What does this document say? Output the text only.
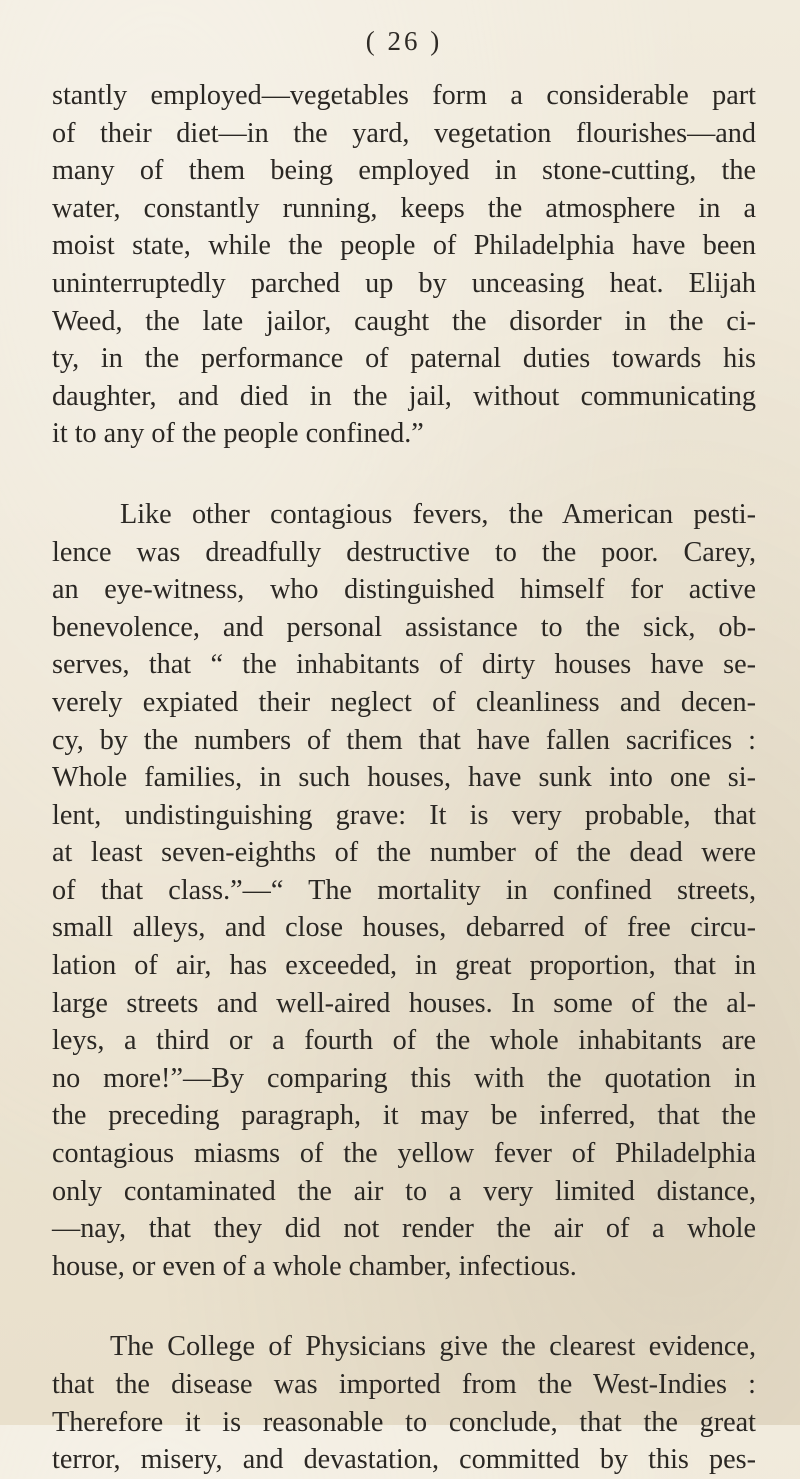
( 26 )
stantly employed—vegetables form a considerable part
of their diet—in the yard, vegetation flourishes—and
many of them being employed in stone-cutting, the
water, constantly running, keeps the atmosphere in a
moist state, while the people of Philadelphia have been
uninterruptedly parched up by unceasing heat. Elijah
Weed, the late jailor, caught the disorder in the ci-
ty, in the performance of paternal duties towards his
daughter, and died in the jail, without communicating
it to any of the people confined.”
Like other contagious fevers, the American pesti-
lence was dreadfully destructive to the poor. Carey,
an eye-witness, who distinguished himself for active
benevolence, and personal assistance to the sick, ob-
serves, that “ the inhabitants of dirty houses have se-
verely expiated their neglect of cleanliness and decen-
cy, by the numbers of them that have fallen sacrifices :
Whole families, in such houses, have sunk into one si-
lent, undistinguishing grave: It is very probable, that
at least seven-eighths of the number of the dead were
of that class.”—“ The mortality in confined streets,
small alleys, and close houses, debarred of free circu-
lation of air, has exceeded, in great proportion, that in
large streets and well-aired houses. In some of the al-
leys, a third or a fourth of the whole inhabitants are
no more!”—By comparing this with the quotation in
the preceding paragraph, it may be inferred, that the
contagious miasms of the yellow fever of Philadelphia
only contaminated the air to a very limited distance,
—nay, that they did not render the air of a whole
house, or even of a whole chamber, infectious.
The College of Physicians give the clearest evidence,
that the disease was imported from the West-Indies :
Therefore it is reasonable to conclude, that the great
terror, misery, and devastation, committed by this pes-
